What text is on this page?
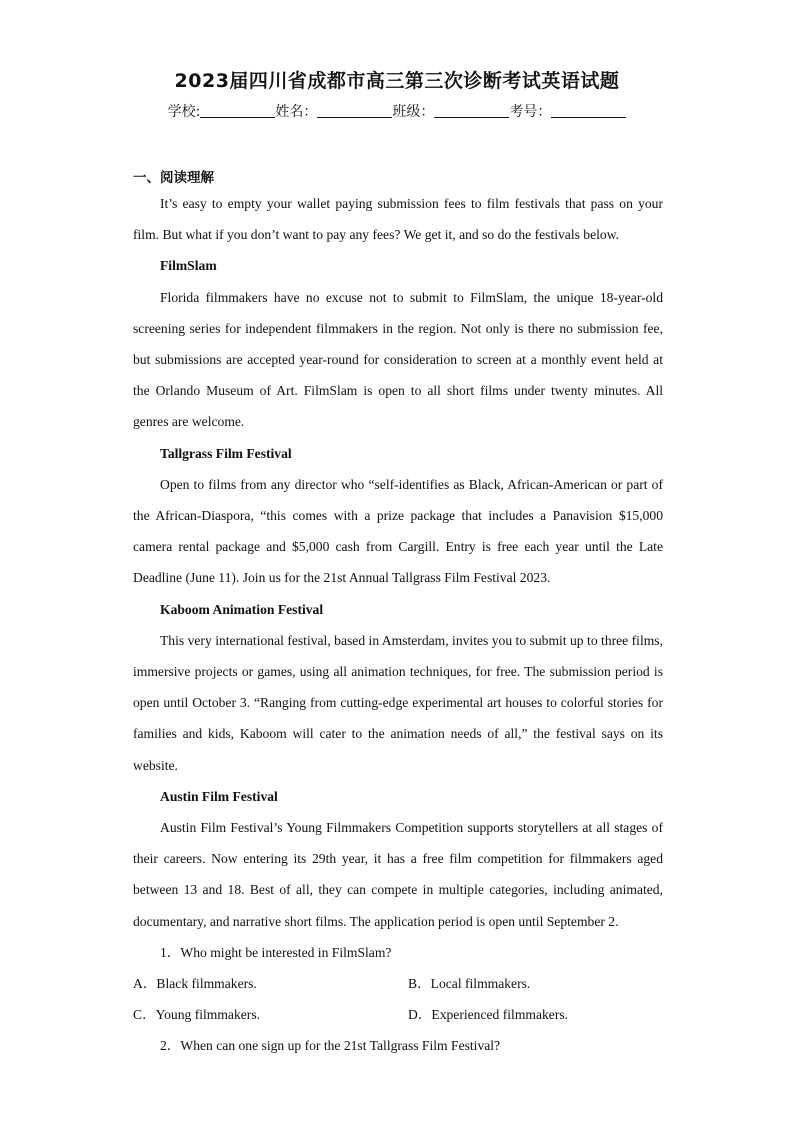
2023届四川省成都市高三第三次诊断考试英语试题
学校:	姓名：	班级：	考号：
一、阅读理解

It’s easy to empty your wallet paying submission fees to film festivals that pass on your film. But what if you don’t want to pay any fees? We get it, and so do the festivals below.

FilmSlam

Florida filmmakers have no excuse not to submit to FilmSlam, the unique 18-year-old screening series for independent filmmakers in the region. Not only is there no submission fee, but submissions are accepted year-round for consideration to screen at a monthly event held at the Orlando Museum of Art. FilmSlam is open to all short films under twenty minutes. All genres are welcome.

Tallgrass Film Festival

Open to films from any director who “self-identifies as Black, African-American or part of the African-Diaspora, “this comes with a prize package that includes a Panavision $15,000 camera rental package and $5,000 cash from Cargill. Entry is free each year until the Late Deadline (June 11). Join us for the 21st Annual Tallgrass Film Festival 2023.

Kaboom Animation Festival

This very international festival, based in Amsterdam, invites you to submit up to three films, immersive projects or games, using all animation techniques, for free. The submission period is open until October 3. “Ranging from cutting-edge experimental art houses to colorful stories for families and kids, Kaboom will cater to the animation needs of all,” the festival says on its website.

Austin Film Festival

Austin Film Festival’s Young Filmmakers Competition supports storytellers at all stages of their careers. Now entering its 29th year, it has a free film competition for filmmakers aged between 13 and 18. Best of all, they can compete in multiple categories, including animated, documentary, and narrative short films. The application period is open until September 2.

1．Who might be interested in FilmSlam?

A．Black filmmakers.	B．Local filmmakers.
C．Young filmmakers.	D．Experienced filmmakers.

2．When can one sign up for the 21st Tallgrass Film Festival?
